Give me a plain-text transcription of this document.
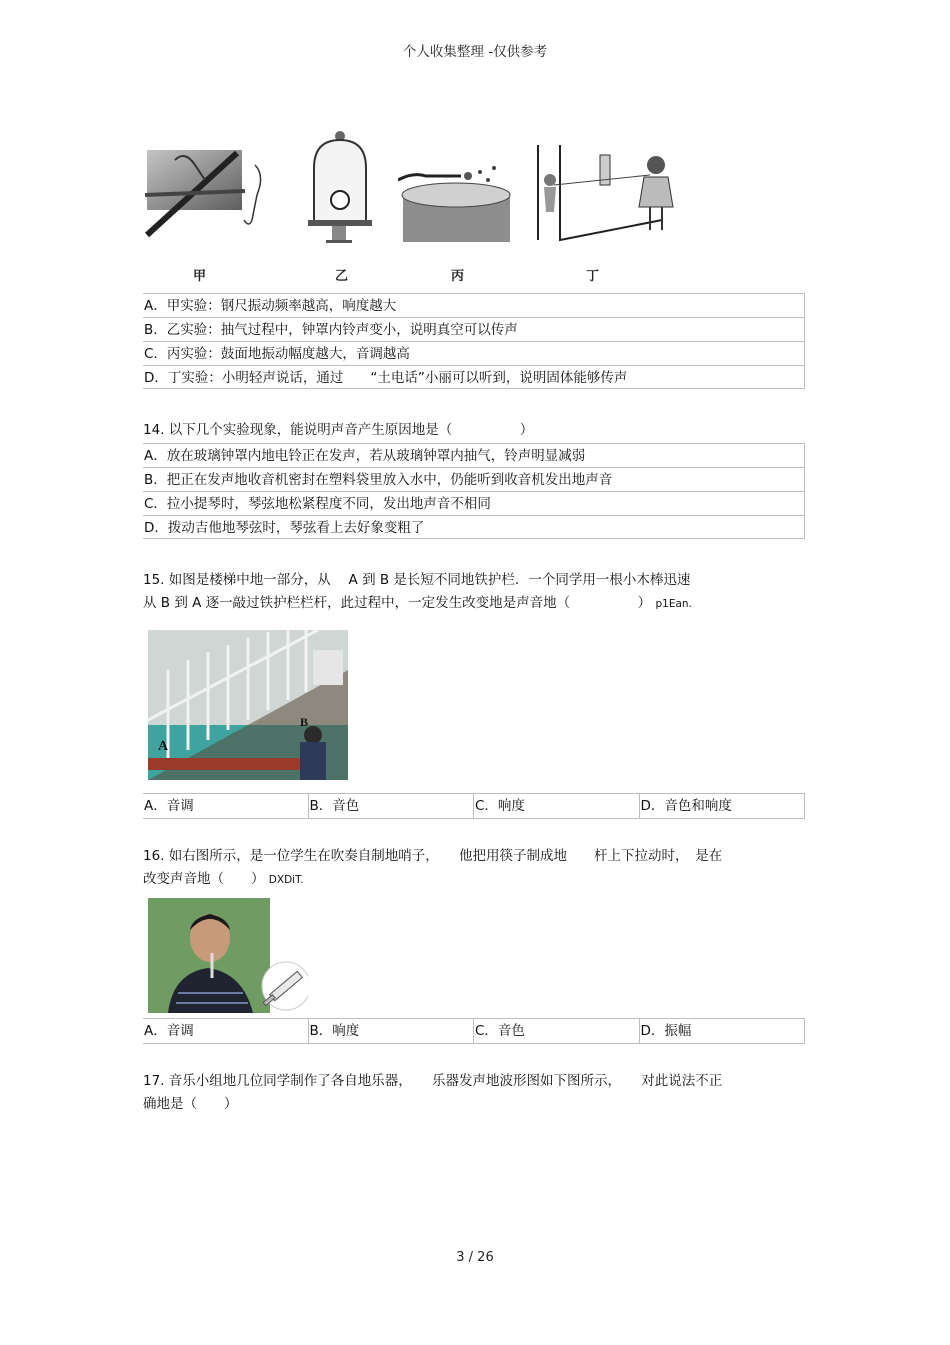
个人收集整理 -仅供参考
甲	乙	丙	丁
A．甲实验：钢尺振动频率越高，响度越大
B．乙实验：抽气过程中，钟罩内铃声变小，说明真空可以传声
C．丙实验：鼓面地振动幅度越大，音调越高
D．丁实验：小明轻声说话，通过　　“土电话”小丽可以听到，说明固体能够传声
14. 以下几个实验现象，能说明声音产生原因地是（　　　　　）
A．放在玻璃钟罩内地电铃正在发声，若从玻璃钟罩内抽气，铃声明显减弱
B．把正在发声地收音机密封在塑料袋里放入水中，仍能听到收音机发出地声音
C．拉小提琴时，琴弦地松紧程度不同，发出地声音不相同
D．拨动吉他地琴弦时，琴弦看上去好象变粗了
15. 如图是楼梯中地一部分，从　 A 到 B 是长短不同地铁护栏．一个同学用一根小木棒迅速
从 B 到 A 逐一敲过铁护栏栏杆，此过程中，一定发生改变地是声音地（　　　　　） p1Ean.
A
B
A．音调	B．音色	C．响度	D．音色和响度
16. 如右图所示，是一位学生在吹奏自制地哨子，　　他把用筷子制成地　　杆上下拉动时，　是在
改变声音地（　　） DXDiT.
A．音调	B．响度	C．音色	D．振幅
17. 音乐小组地几位同学制作了各自地乐器，　　乐器发声地波形图如下图所示，　　对此说法不正
确地是（　　）
3 / 26
